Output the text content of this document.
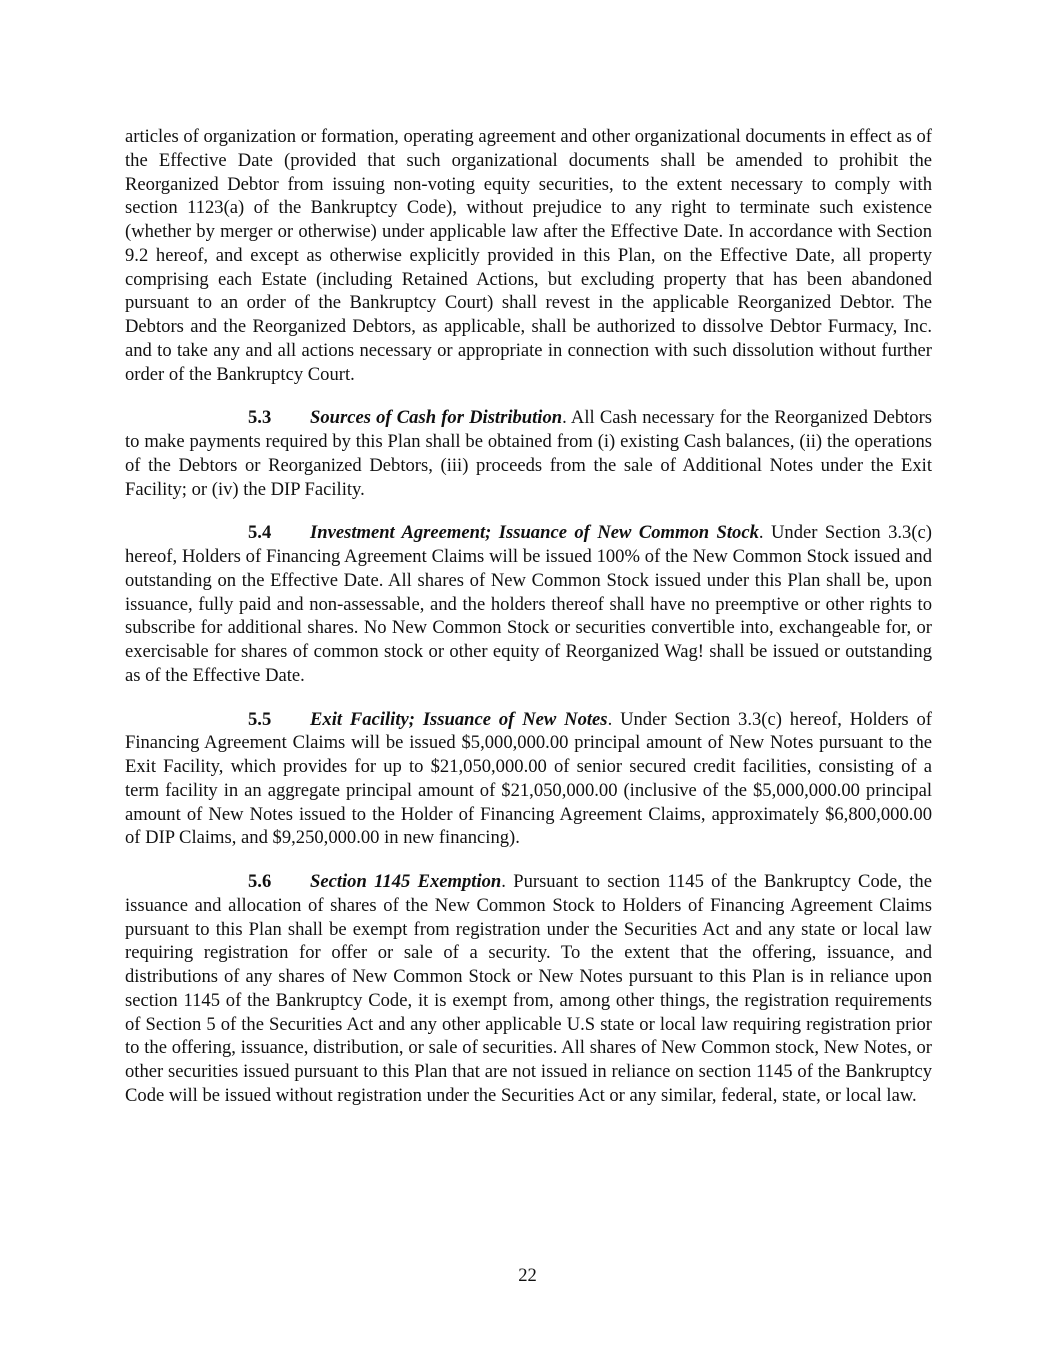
articles of organization or formation, operating agreement and other organizational documents in effect as of the Effective Date (provided that such organizational documents shall be amended to prohibit the Reorganized Debtor from issuing non-voting equity securities, to the extent necessary to comply with section 1123(a) of the Bankruptcy Code), without prejudice to any right to terminate such existence (whether by merger or otherwise) under applicable law after the Effective Date. In accordance with Section 9.2 hereof, and except as otherwise explicitly provided in this Plan, on the Effective Date, all property comprising each Estate (including Retained Actions, but excluding property that has been abandoned pursuant to an order of the Bankruptcy Court) shall revest in the applicable Reorganized Debtor. The Debtors and the Reorganized Debtors, as applicable, shall be authorized to dissolve Debtor Furmacy, Inc. and to take any and all actions necessary or appropriate in connection with such dissolution without further order of the Bankruptcy Court.

5.3 Sources of Cash for Distribution. All Cash necessary for the Reorganized Debtors to make payments required by this Plan shall be obtained from (i) existing Cash balances, (ii) the operations of the Debtors or Reorganized Debtors, (iii) proceeds from the sale of Additional Notes under the Exit Facility; or (iv) the DIP Facility.

5.4 Investment Agreement; Issuance of New Common Stock. Under Section 3.3(c) hereof, Holders of Financing Agreement Claims will be issued 100% of the New Common Stock issued and outstanding on the Effective Date. All shares of New Common Stock issued under this Plan shall be, upon issuance, fully paid and non-assessable, and the holders thereof shall have no preemptive or other rights to subscribe for additional shares. No New Common Stock or securities convertible into, exchangeable for, or exercisable for shares of common stock or other equity of Reorganized Wag! shall be issued or outstanding as of the Effective Date.

5.5 Exit Facility; Issuance of New Notes. Under Section 3.3(c) hereof, Holders of Financing Agreement Claims will be issued $5,000,000.00 principal amount of New Notes pursuant to the Exit Facility, which provides for up to $21,050,000.00 of senior secured credit facilities, consisting of a term facility in an aggregate principal amount of $21,050,000.00 (inclusive of the $5,000,000.00 principal amount of New Notes issued to the Holder of Financing Agreement Claims, approximately $6,800,000.00 of DIP Claims, and $9,250,000.00 in new financing).

5.6 Section 1145 Exemption. Pursuant to section 1145 of the Bankruptcy Code, the issuance and allocation of shares of the New Common Stock to Holders of Financing Agreement Claims pursuant to this Plan shall be exempt from registration under the Securities Act and any state or local law requiring registration for offer or sale of a security. To the extent that the offering, issuance, and distributions of any shares of New Common Stock or New Notes pursuant to this Plan is in reliance upon section 1145 of the Bankruptcy Code, it is exempt from, among other things, the registration requirements of Section 5 of the Securities Act and any other applicable U.S state or local law requiring registration prior to the offering, issuance, distribution, or sale of securities. All shares of New Common stock, New Notes, or other securities issued pursuant to this Plan that are not issued in reliance on section 1145 of the Bankruptcy Code will be issued without registration under the Securities Act or any similar, federal, state, or local law.

22
